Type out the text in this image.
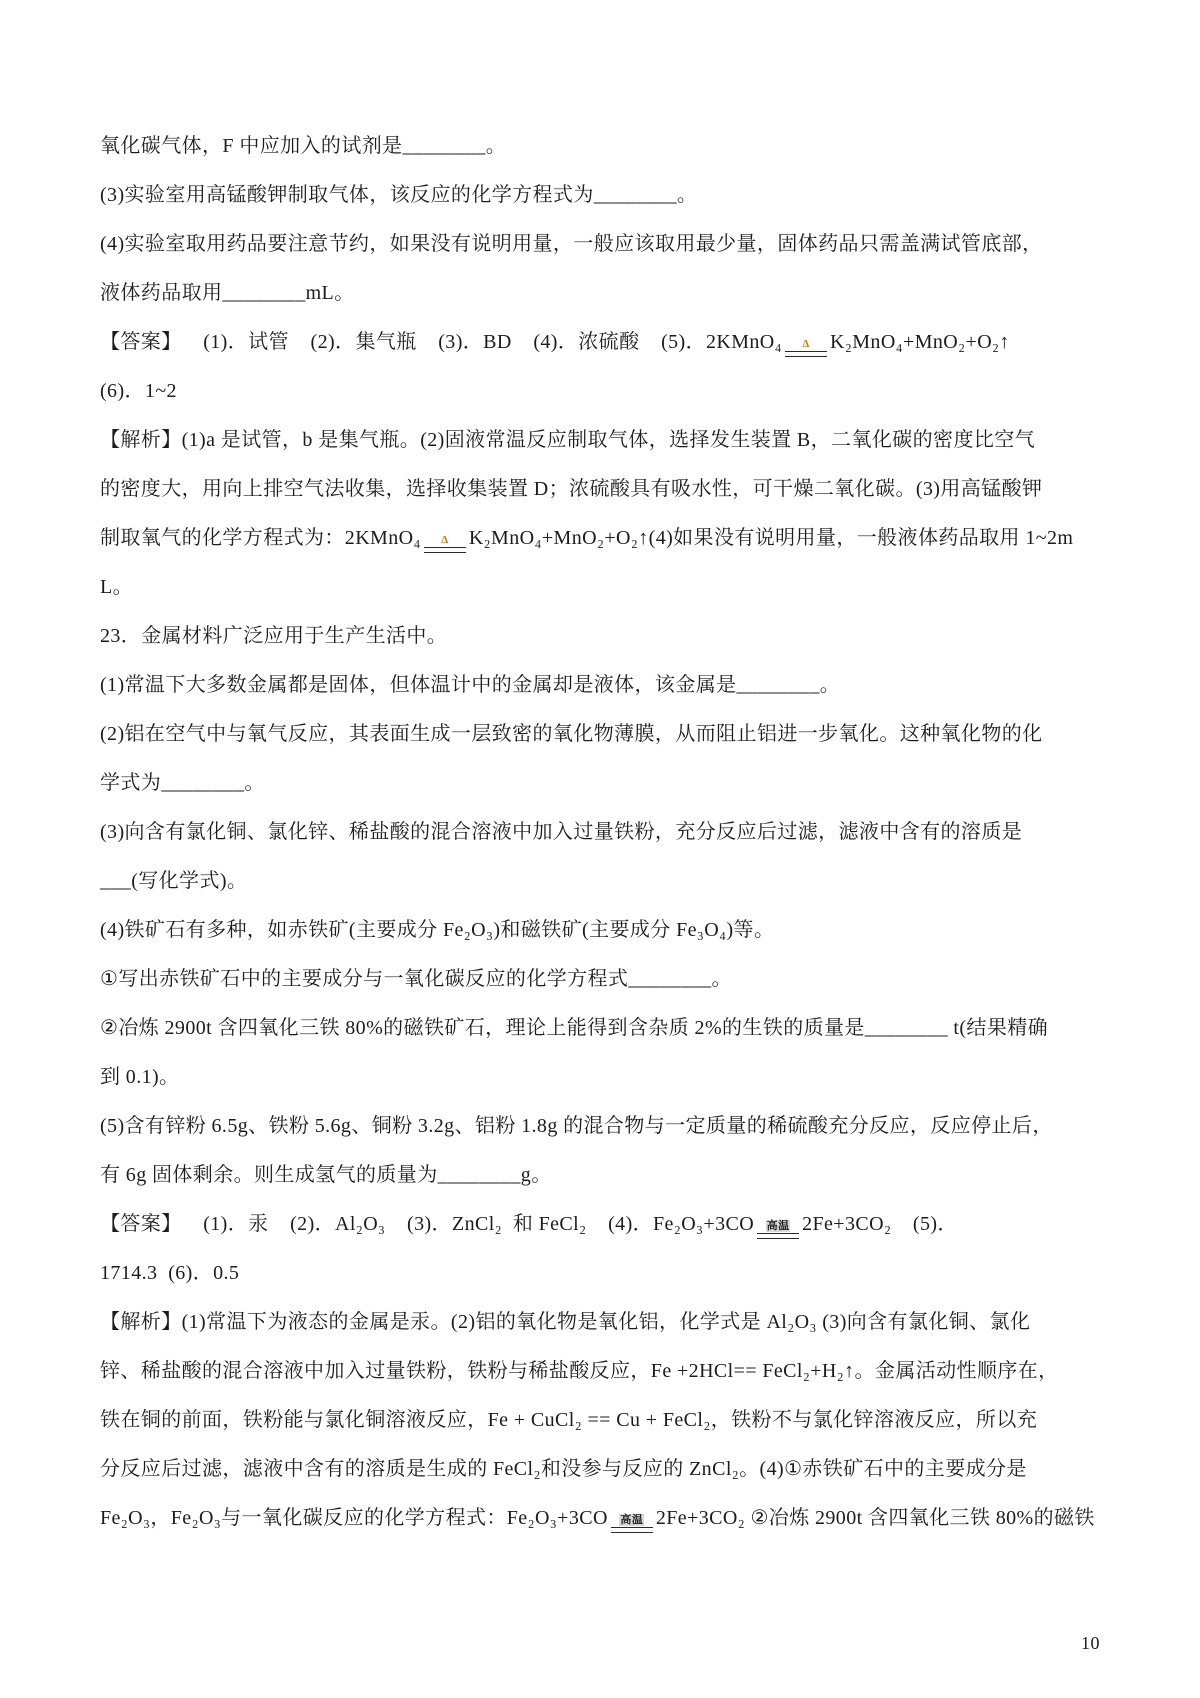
氧化碳气体，F 中应加入的试剂是________。

(3)实验室用高锰酸钾制取气体，该反应的化学方程式为________。

(4)实验室取用药品要注意节约，如果没有说明用量，一般应该取用最少量，固体药品只需盖满试管底部，

液体药品取用________mL。

【答案】    (1)．试管    (2)．集气瓶    (3)．BD    (4)．浓硫酸    (5)．2KMnO₄ Δ K₂MnO₄+MnO₂+O₂↑

(6)．1~2

【解析】(1)a 是试管，b 是集气瓶。(2)固液常温反应制取气体，选择发生装置 B，二氧化碳的密度比空气

的密度大，用向上排空气法收集，选择收集装置 D；浓硫酸具有吸水性，可干燥二氧化碳。(3)用高锰酸钾

制取氧气的化学方程式为：2KMnO₄ Δ K₂MnO₄+MnO₂+O₂↑(4)如果没有说明用量，一般液体药品取用 1~2mL。

23．金属材料广泛应用于生产生活中。

(1)常温下大多数金属都是固体，但体温计中的金属却是液体，该金属是________。

(2)铝在空气中与氧气反应，其表面生成一层致密的氧化物薄膜，从而阻止铝进一步氧化。这种氧化物的化

学式为________。

(3)向含有氯化铜、氯化锌、稀盐酸的混合溶液中加入过量铁粉，充分反应后过滤，滤液中含有的溶质是

___(写化学式)。

(4)铁矿石有多种，如赤铁矿(主要成分 Fe₂O₃)和磁铁矿(主要成分 Fe₃O₄)等。

①写出赤铁矿石中的主要成分与一氧化碳反应的化学方程式________。

②冶炼 2900t 含四氧化三铁 80%的磁铁矿石，理论上能得到含杂质 2%的生铁的质量是________ t(结果精确

到 0.1)。

(5)含有锌粉 6.5g、铁粉 5.6g、铜粉 3.2g、铝粉 1.8g 的混合物与一定质量的稀硫酸充分反应，反应停止后，

有 6g 固体剩余。则生成氢气的质量为________g。

【答案】    (1)．汞    (2)．Al₂O₃    (3)．ZnCl₂  和 FeCl₂    (4)．Fe₂O₃+3CO 高温 2Fe+3CO₂    (5)．

1714.3  (6)．0.5

【解析】(1)常温下为液态的金属是汞。(2)铝的氧化物是氧化铝，化学式是 Al₂O₃ (3)向含有氯化铜、氯化

锌、稀盐酸的混合溶液中加入过量铁粉，铁粉与稀盐酸反应，Fe +2HCl== FeCl₂+H₂↑。金属活动性顺序在，

铁在铜的前面，铁粉能与氯化铜溶液反应，Fe + CuCl₂ == Cu + FeCl₂，铁粉不与氯化锌溶液反应，所以充

分反应后过滤，滤液中含有的溶质是生成的 FeCl₂和没参与反应的 ZnCl₂。(4)①赤铁矿石中的主要成分是

Fe₂O₃，Fe₂O₃与一氧化碳反应的化学方程式：Fe₂O₃+3CO 高温 2Fe+3CO₂ ②冶炼 2900t 含四氧化三铁 80%的磁铁

10
